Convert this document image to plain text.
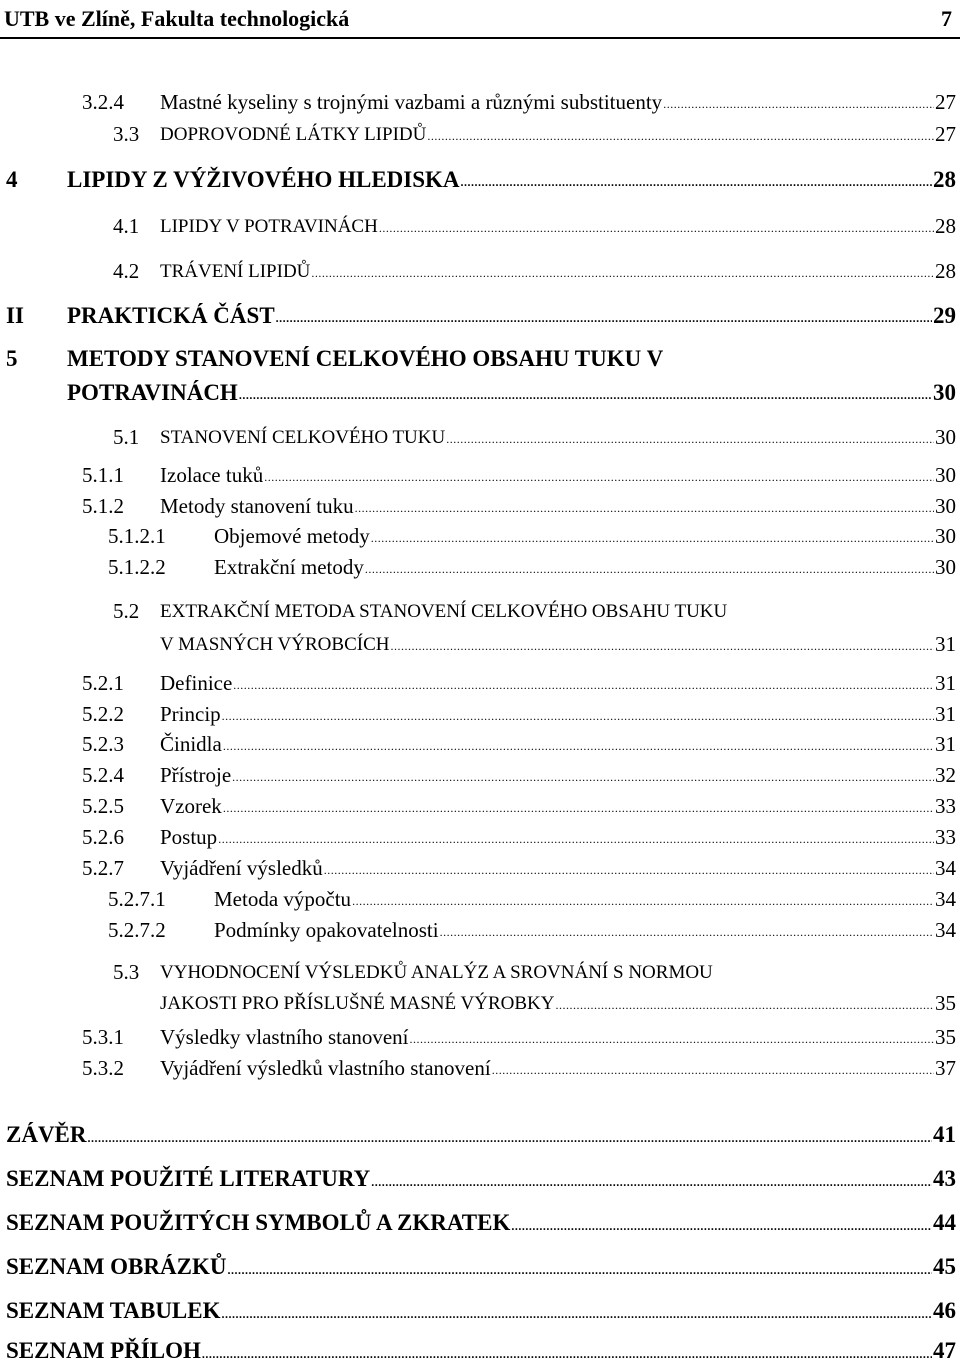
UTB ve Zlíně, Fakulta technologická	7
3.2.4	Mastné kyseliny s trojnými vazbami a různými substituenty .....	27
3.3	DOPROVODNÉ LÁTKY LIPIDŮ .....	27
4	LIPIDY Z VÝŽIVOVÉHO HLEDISKA .....	28
4.1	LIPIDY V POTRAVINÁCH .....	28
4.2	TRÁVENÍ LIPIDŮ .....	28
II	PRAKTICKÁ ČÁST .....	29
5	METODY STANOVENÍ CELKOVÉHO OBSAHU TUKU V
POTRAVINÁCH .....	30
5.1	STANOVENÍ CELKOVÉHO TUKU .....	30
5.1.1	Izolace tuků .....	30
5.1.2	Metody stanovení tuku .....	30
5.1.2.1	Objemové metody .....	30
5.1.2.2	Extrakční metody .....	30
5.2	EXTRAKČNÍ METODA STANOVENÍ CELKOVÉHO OBSAHU TUKU
V MASNÝCH VÝROBCÍCH .....	31
5.2.1	Definice .....	31
5.2.2	Princip .....	31
5.2.3	Činidla .....	31
5.2.4	Přístroje .....	32
5.2.5	Vzorek .....	33
5.2.6	Postup .....	33
5.2.7	Vyjádření výsledků .....	34
5.2.7.1	Metoda výpočtu .....	34
5.2.7.2	Podmínky opakovatelnosti .....	34
5.3	VYHODNOCENÍ VÝSLEDKŮ ANALÝZ A SROVNÁNÍ S NORMOU
JAKOSTI PRO PŘÍSLUŠNÉ MASNÉ VÝROBKY .....	35
5.3.1	Výsledky vlastního stanovení .....	35
5.3.2	Vyjádření výsledků vlastního stanovení .....	37
ZÁVĚR .....	41
SEZNAM POUŽITÉ LITERATURY .....	43
SEZNAM POUŽITÝCH SYMBOLŮ A ZKRATEK .....	44
SEZNAM OBRÁZKŮ .....	45
SEZNAM TABULEK .....	46
SEZNAM PŘÍLOH .....	47
